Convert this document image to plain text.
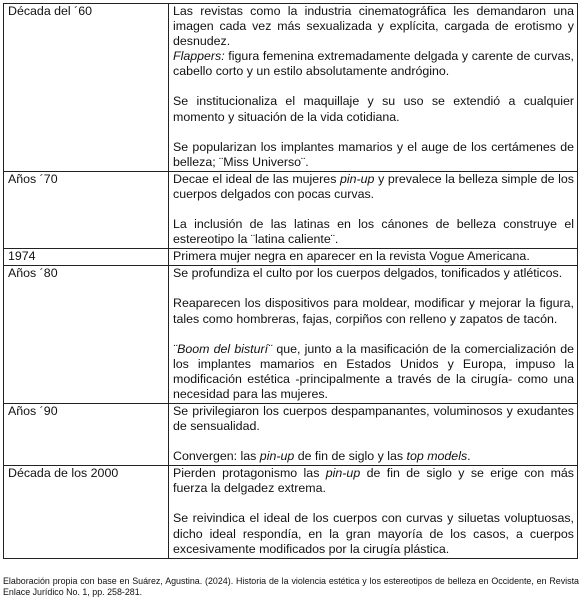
Década del ´60	Las revistas como la industria cinematográfica les demandaron una imagen cada vez más sexualizada y explícita, cargada de erotismo y desnudez.

Flappers: figura femenina extremadamente delgada y carente de curvas, cabello corto y un estilo absolutamente andrógino.

Se institucionaliza el maquillaje y su uso se extendió a cualquier momento y situación de la vida cotidiana.

Se popularizan los implantes mamarios y el auge de los certámenes de belleza; ¨Miss Universo¨.

Años ´70	Decae el ideal de las mujeres pin-up y prevalece la belleza simple de los cuerpos delgados con pocas curvas.

La inclusión de las latinas en los cánones de belleza construye el estereotipo la ¨latina caliente¨.

1974	Primera mujer negra en aparecer en la revista Vogue Americana.

Años ´80	Se profundiza el culto por los cuerpos delgados, tonificados y atléticos.

Reaparecen los dispositivos para moldear, modificar y mejorar la figura, tales como hombreras, fajas, corpiños con relleno y zapatos de tacón.

¨Boom del bisturí¨ que, junto a la masificación de la comercialización de los implantes mamarios en Estados Unidos y Europa, impuso la modificación estética -principalmente a través de la cirugía- como una necesidad para las mujeres.

Años ´90	Se privilegiaron los cuerpos despampanantes, voluminosos y exudantes de sensualidad.

Convergen: las pin-up de fin de siglo y las top models.

Década de los 2000	Pierden protagonismo las pin-up de fin de siglo y se erige con más fuerza la delgadez extrema.

Se reivindica el ideal de los cuerpos con curvas y siluetas voluptuosas, dicho ideal respondía, en la gran mayoría de los casos, a cuerpos excesivamente modificados por la cirugía plástica.

Elaboración propia con base en Suárez, Agustina. (2024). Historia de la violencia estética y los estereotipos de belleza en Occidente, en Revista Enlace Jurídico No. 1, pp. 258-281.
